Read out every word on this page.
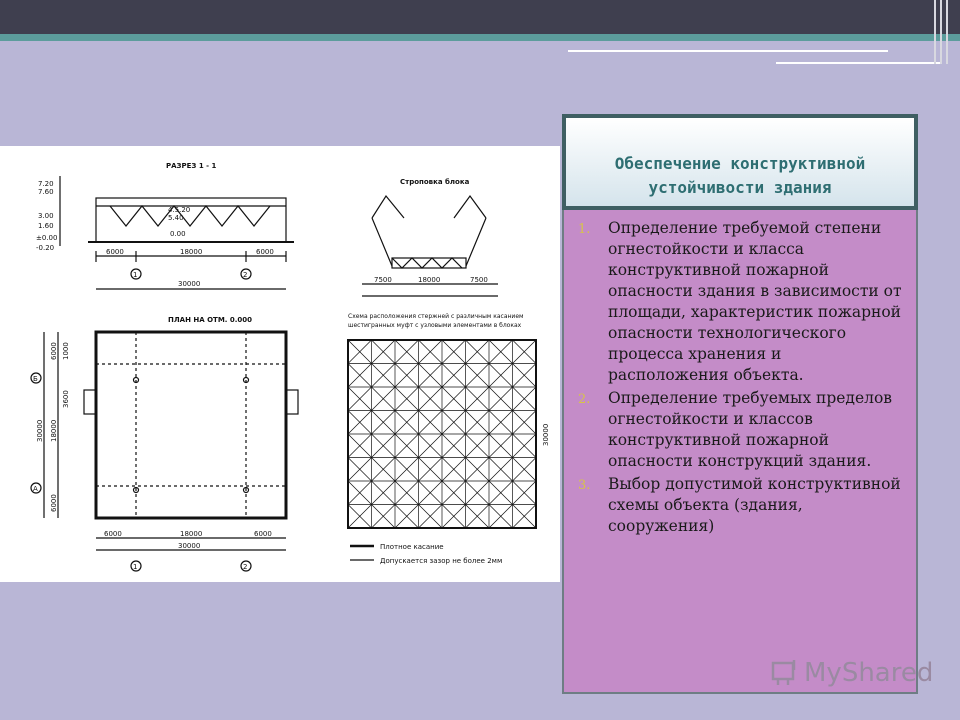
РАЗРЕЗ 1 - 1
ПЛАН НА ОТМ. 0.000
Строповка блока
7.20
7.60
3.00
1.60
±0.00
-0.20
4.5.20
5.40
0.00
6000	18000	6000
30000
1	2
7500	18000	7500
6000	18000	6000
30000
1	2
Б
А
6000 1000
18000
30000
6000
3600
30000
Плотное касание
Допускается зазор не более 2мм
Схема расположения стержней с различным касанием шестигранных муфт с узловыми элементами в блоках
Обеспечение конструктивной устойчивости здания
1. Определение требуемой степени огнестойкости и класса конструктивной пожарной опасности здания в зависимости от площади, характеристик пожарной опасности технологического процесса хранения и расположения объекта.
2. Определение требуемых пределов огнестойкости и классов конструктивной пожарной опасности конструкций здания.
3. Выбор допустимой конструктивной схемы объекта (здания, сооружения)
MyShared
